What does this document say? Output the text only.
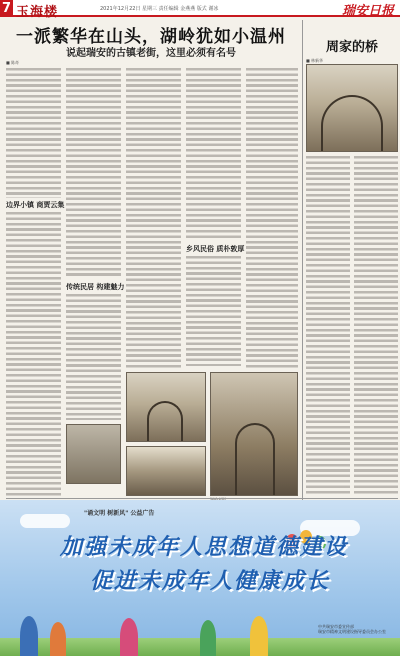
7 玉海楼	2021年12月22日 星期三 责任编辑 金燕燕 版式 谢冰	瑞安日报
一派繁华在山头，湖岭犹如小温州
说起瑞安的古镇老街，这里必须有名号
■ 陈奇
边界小镇 商贾云集
传统民居 构建魅力
乡风民俗 质朴敦厚
周家的桥
■ 林新华
"诵文明 树新风" 公益广告
加强未成年人思想道德建设
促进未成年人健康成长
中共瑞安市委宣传部
瑞安市精神文明建设指导委员会办公室
